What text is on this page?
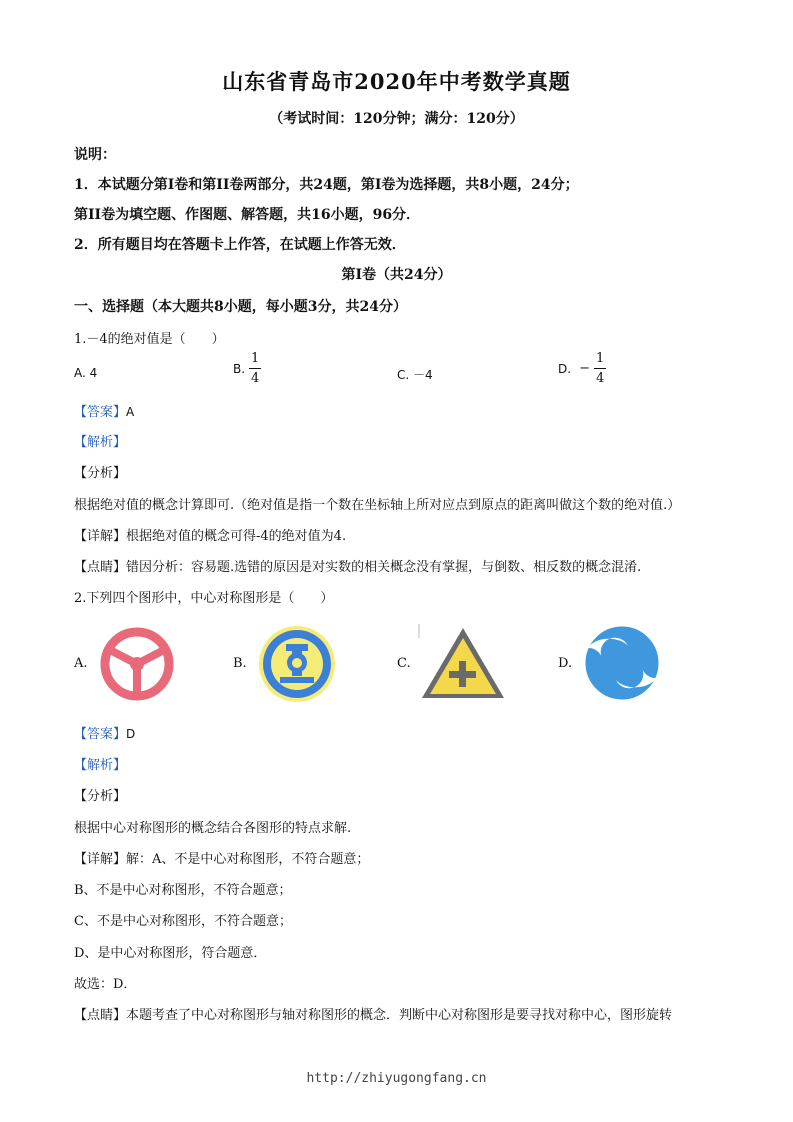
山东省青岛市2020年中考数学真题
（考试时间：120分钟；满分：120分）
说明：
1．本试题分第I卷和第II卷两部分，共24题，第I卷为选择题，共8小题，24分；
第II卷为填空题、作图题、解答题，共16小题，96分．
2．所有题目均在答题卡上作答，在试题上作答无效．
第I卷（共24分）
一、选择题（本大题共8小题，每小题3分，共24分）
1.－4的绝对值是（　　）
A. 4	B. $\frac{1}{4}$	C. －4	D. − $\frac{1}{4}$
【答案】A
【解析】
【分析】
根据绝对值的概念计算即可.（绝对值是指一个数在坐标轴上所对应点到原点的距离叫做这个数的绝对值.）
【详解】根据绝对值的概念可得-4的绝对值为4.
【点睛】错因分析：容易题.选错的原因是对实数的相关概念没有掌握，与倒数、相反数的概念混淆.
2.下列四个图形中，中心对称图形是（　　）
A.	B.	C.	D.
【答案】D
【解析】
【分析】
根据中心对称图形的概念结合各图形的特点求解.
【详解】解：A、不是中心对称图形，不符合题意；
B、不是中心对称图形，不符合题意；
C、不是中心对称图形，不符合题意；
D、是中心对称图形，符合题意．
故选：D．
【点睛】本题考查了中心对称图形与轴对称图形的概念．判断中心对称图形是要寻找对称中心，图形旋转
http://zhiyugongfang.cn
